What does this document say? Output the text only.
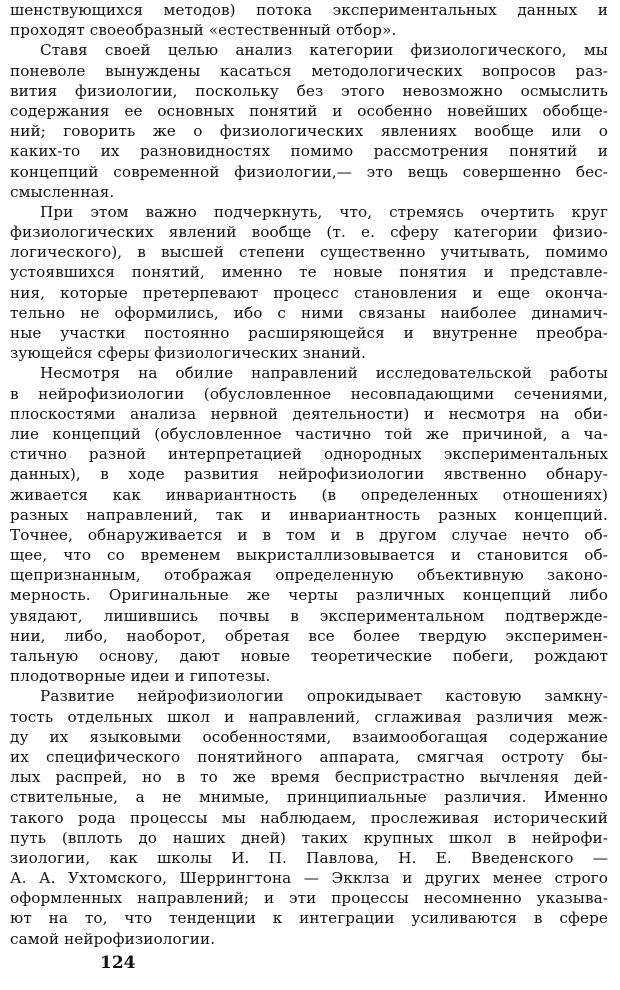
шенствующихся методов) потока экспериментальных данных и
проходят своеобразный «естественный отбор».
Ставя своей целью анализ категории физиологического, мы
поневоле вынуждены касаться методологических вопросов раз-
вития физиологии, поскольку без этого невозможно осмыслить
содержания ее основных понятий и особенно новейших обобще-
ний; говорить же о физиологических явлениях вообще или о
каких-то их разновидностях помимо рассмотрения понятий и
концепций современной физиологии,— это вещь совершенно бес-
смысленная.
При этом важно подчеркнуть, что, стремясь очертить круг
физиологических явлений вообще (т. е. сферу категории физио-
логического), в высшей степени существенно учитывать, помимо
устоявшихся понятий, именно те новые понятия и представле-
ния, которые претерпевают процесс становления и еще оконча-
тельно не оформились, ибо с ними связаны наиболее динамич-
ные участки постоянно расширяющейся и внутренне преобра-
зующейся сферы физиологических знаний.
Несмотря на обилие направлений исследовательской работы
в нейрофизиологии (обусловленное несовпадающими сечениями,
плоскостями анализа нервной деятельности) и несмотря на оби-
лие концепций (обусловленное частично той же причиной, а ча-
стично разной интерпретацией однородных экспериментальных
данных), в ходе развития нейрофизиологии явственно обнару-
живается как инвариантность (в определенных отношениях)
разных направлений, так и инвариантность разных концепций.
Точнее, обнаруживается и в том и в другом случае нечто об-
щее, что со временем выкристаллизовывается и становится об-
щепризнанным, отображая определенную объективную законо-
мерность. Оригинальные же черты различных концепций либо
увядают, лишившись почвы в экспериментальном подтвержде-
нии, либо, наоборот, обретая все более твердую эксперимен-
тальную основу, дают новые теоретические побеги, рождают
плодотворные идеи и гипотезы.
Развитие нейрофизиологии опрокидывает кастовую замкну-
тость отдельных школ и направлений, сглаживая различия меж-
ду их языковыми особенностями, взаимообогащая содержание
их специфического понятийного аппарата, смягчая остроту бы-
лых распрей, но в то же время беспристрастно вычленяя дей-
ствительные, а не мнимые, принципиальные различия. Именно
такого рода процессы мы наблюдаем, прослеживая исторический
путь (вплоть до наших дней) таких крупных школ в нейрофи-
зиологии, как школы И. П. Павлова, Н. Е. Введенского —
А. А. Ухтомского, Шеррингтона — Экклза и других менее строго
оформленных направлений; и эти процессы несомненно указыва-
ют на то, что тенденции к интеграции усиливаются в сфере
самой нейрофизиологии.
124
